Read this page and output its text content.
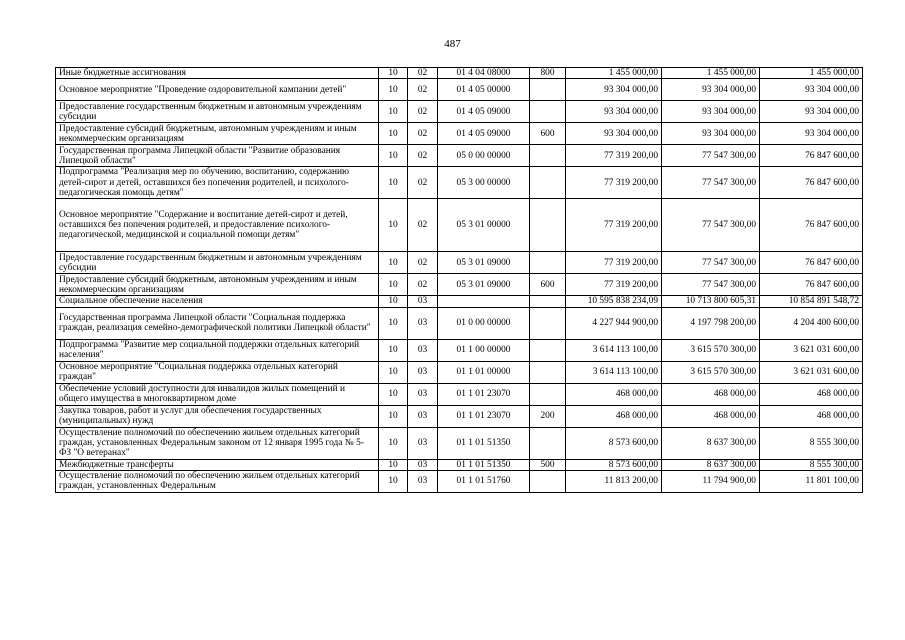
487
Иные бюджетные ассигнования	10	02	01 4 04 08000	800	1 455 000,00	1 455 000,00	1 455 000,00
Основное мероприятие "Проведение оздоровительной кампании детей"	10	02	01 4 05 00000		93 304 000,00	93 304 000,00	93 304 000,00
Предоставление государственным бюджетным и автономным учреждениям субсидии	10	02	01 4 05 09000		93 304 000,00	93 304 000,00	93 304 000,00
Предоставление субсидий бюджетным, автономным учреждениям и иным некоммерческим организациям	10	02	01 4 05 09000	600	93 304 000,00	93 304 000,00	93 304 000,00
Государственная программа Липецкой области "Развитие образования Липецкой области"	10	02	05 0 00 00000		77 319 200,00	77 547 300,00	76 847 600,00
Подпрограмма "Реализация мер по обучению, воспитанию, содержанию детей-сирот и детей, оставшихся без попечения родителей, и психолого-педагогическая помощь детям"	10	02	05 3 00 00000		77 319 200,00	77 547 300,00	76 847 600,00
Основное мероприятие "Содержание и воспитание детей-сирот и детей, оставшихся без попечения родителей, и предоставление психолого-педагогической, медицинской и социальной помощи детям"	10	02	05 3 01 00000		77 319 200,00	77 547 300,00	76 847 600,00
Предоставление государственным бюджетным и автономным учреждениям субсидии	10	02	05 3 01 09000		77 319 200,00	77 547 300,00	76 847 600,00
Предоставление субсидий бюджетным, автономным учреждениям и иным некоммерческим организациям	10	02	05 3 01 09000	600	77 319 200,00	77 547 300,00	76 847 600,00
Социальное обеспечение населения	10	03			10 595 838 234,09	10 713 800 605,31	10 854 891 548,72
Государственная программа Липецкой области "Социальная поддержка граждан, реализация семейно-демографической политики Липецкой области"	10	03	01 0 00 00000		4 227 944 900,00	4 197 798 200,00	4 204 400 600,00
Подпрограмма "Развитие мер социальной поддержки отдельных категорий населения"	10	03	01 1 00 00000		3 614 113 100,00	3 615 570 300,00	3 621 031 600,00
Основное мероприятие "Социальная поддержка отдельных категорий граждан"	10	03	01 1 01 00000		3 614 113 100,00	3 615 570 300,00	3 621 031 600,00
Обеспечение условий доступности для инвалидов жилых помещений и общего имущества в многоквартирном доме	10	03	01 1 01 23070		468 000,00	468 000,00	468 000,00
Закупка товаров, работ и услуг для обеспечения государственных (муниципальных) нужд	10	03	01 1 01 23070	200	468 000,00	468 000,00	468 000,00
Осуществление полномочий по обеспечению жильем отдельных категорий граждан, установленных Федеральным законом от 12 января 1995 года № 5-ФЗ "О ветеранах"	10	03	01 1 01 51350		8 573 600,00	8 637 300,00	8 555 300,00
Межбюджетные трансферты	10	03	01 1 01 51350	500	8 573 600,00	8 637 300,00	8 555 300,00
Осуществление полномочий по обеспечению жильем отдельных категорий граждан, установленных Федеральным	10	03	01 1 01 51760		11 813 200,00	11 794 900,00	11 801 100,00
